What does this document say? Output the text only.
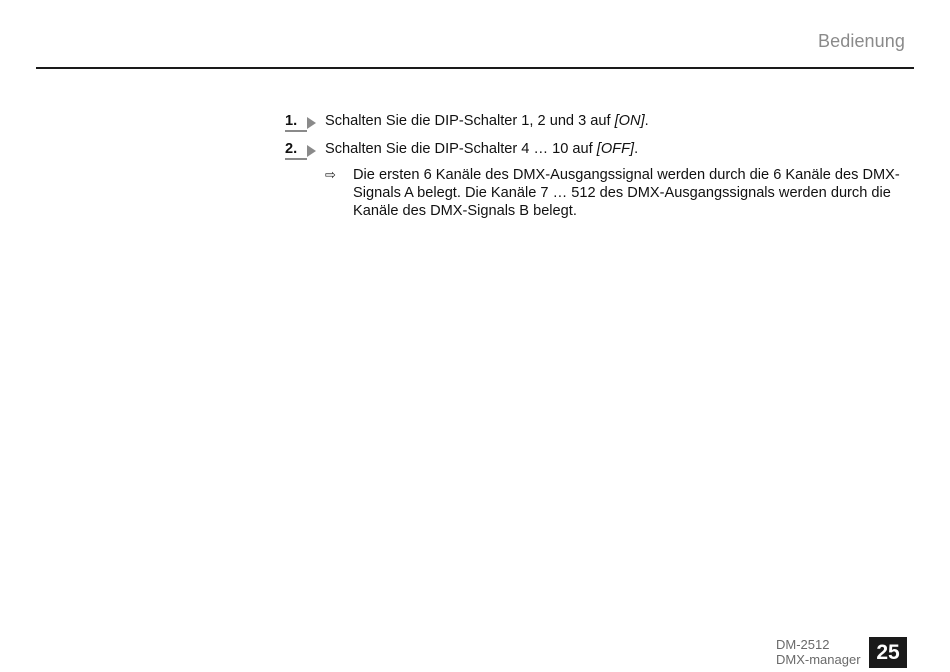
Bedienung
1. Schalten Sie die DIP-Schalter 1, 2 und 3 auf [ON].
2. Schalten Sie die DIP-Schalter 4 … 10 auf [OFF].
⇨ Die ersten 6 Kanäle des DMX-Ausgangssignal werden durch die 6 Kanäle des DMX-Signals A belegt. Die Kanäle 7 … 512 des DMX-Ausgangssignals werden durch die Kanäle des DMX-Signals B belegt.
DM-2512
DMX-manager 25
